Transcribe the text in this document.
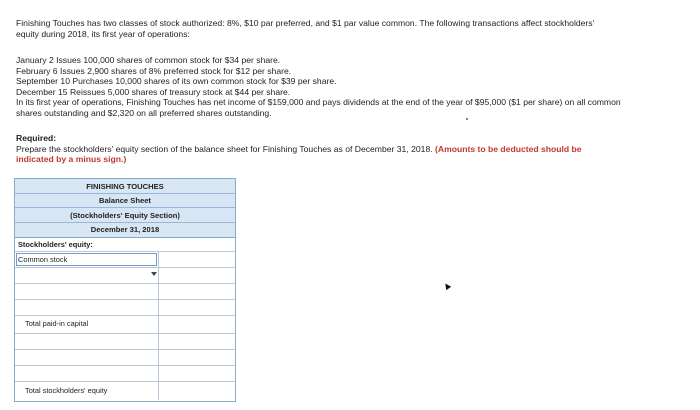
Finishing Touches has two classes of stock authorized: 8%, $10 par preferred, and $1 par value common. The following transactions affect stockholders' equity during 2018, its first year of operations:
January 2 Issues 100,000 shares of common stock for $34 per share.
February 6 Issues 2,900 shares of 8% preferred stock for $12 per share.
September 10 Purchases 10,000 shares of its own common stock for $39 per share.
December 15 Reissues 5,000 shares of treasury stock at $44 per share.
In its first year of operations, Finishing Touches has net income of $159,000 and pays dividends at the end of the year of $95,000 ($1 per share) on all common shares outstanding and $2,320 on all preferred shares outstanding.
Required:
Prepare the stockholders' equity section of the balance sheet for Finishing Touches as of December 31, 2018. (Amounts to be deducted should be indicated by a minus sign.)
FINISHING TOUCHES
Balance Sheet
(Stockholders' Equity Section)
December 31, 2018
Stockholders' equity:
Common stock
Total paid-in capital
Total stockholders' equity
